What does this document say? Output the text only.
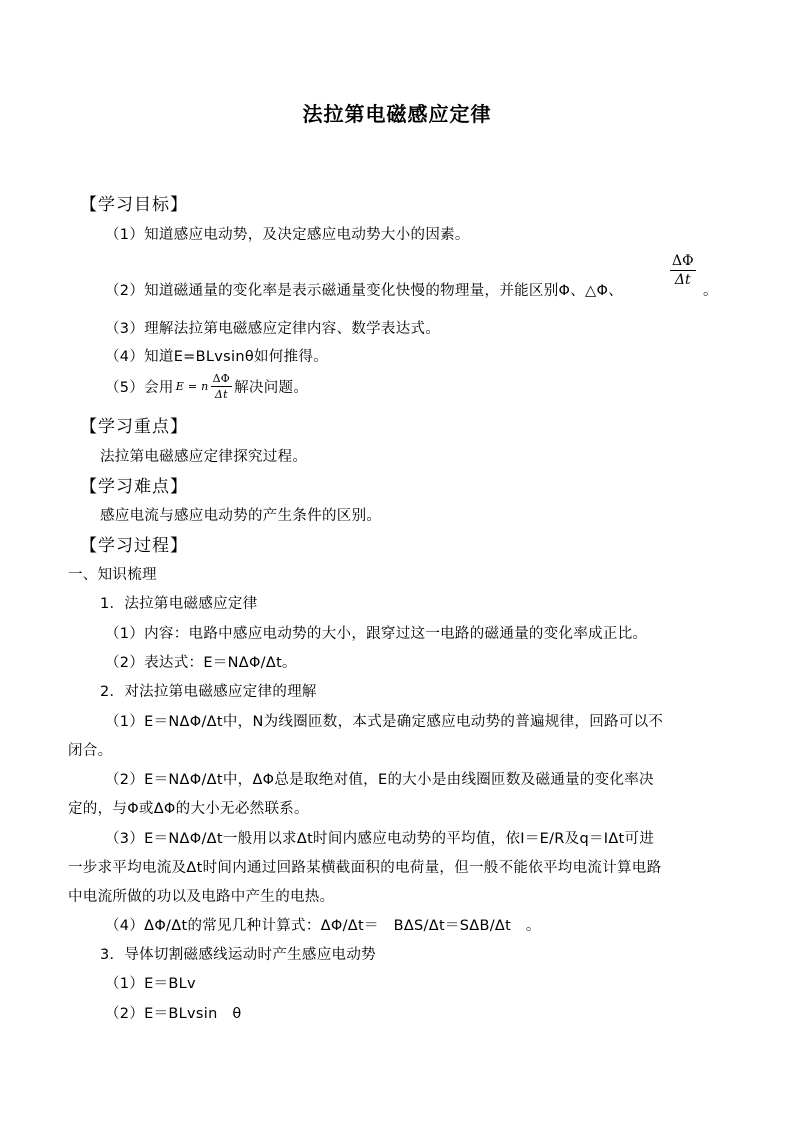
法拉第电磁感应定律
【学习目标】
（1）知道感应电动势，及决定感应电动势大小的因素。
（2）知道磁通量的变化率是表示磁通量变化快慢的物理量，并能区别Φ、△Φ、
$\frac{\Delta\Phi}{\Delta t}$
。
（3）理解法拉第电磁感应定律内容、数学表达式。
（4）知道E=BLvsinθ如何推得。
（5）会用 E = n $\frac{\Delta\Phi}{\Delta t}$ 解决问题。
【学习重点】
法拉第电磁感应定律探究过程。
【学习难点】
感应电流与感应电动势的产生条件的区别。
【学习过程】
一、知识梳理
1．法拉第电磁感应定律
（1）内容：电路中感应电动势的大小，跟穿过这一电路的磁通量的变化率成正比。
（2）表达式：E＝NΔΦ/Δt。
2．对法拉第电磁感应定律的理解
（1）E＝NΔΦ/Δt中，N为线圈匝数，本式是确定感应电动势的普遍规律，回路可以不
闭合。
（2）E＝NΔΦ/Δt中，ΔΦ总是取绝对值，E的大小是由线圈匝数及磁通量的变化率决
定的，与Φ或ΔΦ的大小无必然联系。
（3）E＝NΔΦ/Δt一般用以求Δt时间内感应电动势的平均值，依I＝E/R及q＝IΔt可进
一步求平均电流及Δt时间内通过回路某横截面积的电荷量，但一般不能依平均电流计算电路
中电流所做的功以及电路中产生的电热。
（4）ΔΦ/Δt的常见几种计算式：ΔΦ/Δt＝　BΔS/Δt＝SΔB/Δt　。
3．导体切割磁感线运动时产生感应电动势
（1）E＝BLv
（2）E＝BLvsin　θ
